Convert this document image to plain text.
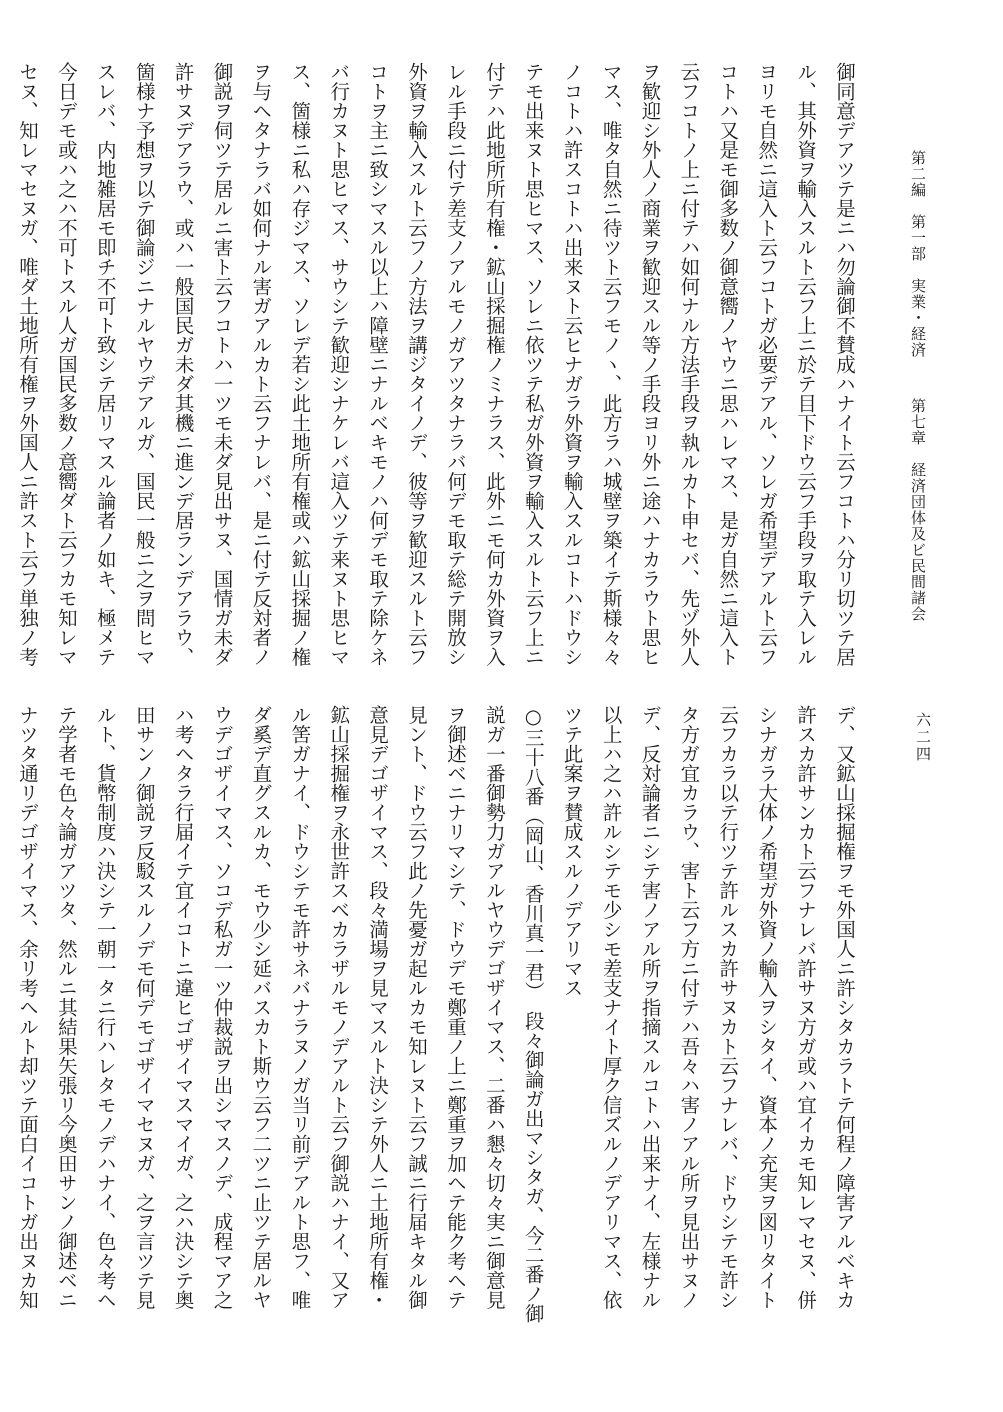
第二編　第一部　実業・経済第七章　経済団体及ビ民間諸会
六二四
御同意デアツテ是ニハ勿論御不賛成ハナイト云フコトハ分リ切ツテ居
ル、其外資ヲ輸入スルト云フ上ニ於テ目下ドウ云フ手段ヲ取テ入レル
ヨリモ自然ニ這入ト云フコトガ必要デアル、ソレガ希望デアルト云フ
コトハ又是モ御多数ノ御意嚮ノヤウニ思ハレマス、是ガ自然ニ這入ト
云フコトノ上ニ付テハ如何ナル方法手段ヲ執ルカト申セバ、先ヅ外人
ヲ歓迎シ外人ノ商業ヲ歓迎スル等ノ手段ヨリ外ニ途ハナカラウト思ヒ
マス、唯タ自然ニ待ツト云フモノヽ、此方ラハ城壁ヲ築イテ斯様々々
ノコトハ許スコトハ出来ヌト云ヒナガラ外資ヲ輸入スルコトハドウシ
テモ出来ヌト思ヒマス、ソレニ依ツテ私ガ外資ヲ輸入スルト云フ上ニ
付テハ此地所所有権・鉱山採掘権ノミナラス、此外ニモ何カ外資ヲ入
レル手段ニ付テ差支ノアルモノガアツタナラバ何デモ取テ総テ開放シ
外資ヲ輸入スルト云フノ方法ヲ講ジタイノデ、彼等ヲ歓迎スルト云フ
コトヲ主ニ致シマスル以上ハ障壁ニナルベキモノハ何デモ取テ除ケネ
バ行カヌト思ヒマス、サウシテ歓迎シナケレバ這入ツテ来ヌト思ヒマ
ス、箇様ニ私ハ存ジマス、ソレデ若シ此土地所有権或ハ鉱山採掘ノ権
ヲ与ヘタナラバ如何ナル害ガアルカト云フナレバ、是ニ付テ反対者ノ
御説ヲ伺ツテ居ルニ害ト云フコトハ一ツモ未ダ見出サヌ、国情ガ未ダ
許サヌデアラウ、或ハ一般国民ガ未ダ其機ニ進ンデ居ランデアラウ、
箇様ナ予想ヲ以テ御論ジニナルヤウデアルガ、国民一般ニ之ヲ問ヒマ
スレバ、内地雑居モ即チ不可ト致シテ居リマスル論者ノ如キ、極メテ
今日デモ或ハ之ハ不可トスル人ガ国民多数ノ意嚮ダト云フカモ知レマ
セヌ、知レマセヌガ、唯ダ土地所有権ヲ外国人ニ許スト云フ単独ノ考
デ、又鉱山採掘権ヲモ外国人ニ許シタカラトテ何程ノ障害アルベキカ
許スカ許サンカト云フナレバ許サヌ方ガ或ハ宜イカモ知レマセヌ、併
シナガラ大体ノ希望ガ外資ノ輸入ヲシタイ、資本ノ充実ヲ図リタイト
云フカラ以テ行ツテ許ルスカ許サヌカト云フナレバ、ドウシテモ許シ
タ方ガ宜カラウ、害ト云フ方ニ付テハ吾々ハ害ノアル所ヲ見出サヌノ
デ、反対論者ニシテ害ノアル所ヲ指摘スルコトハ出来ナイ、左様ナル
以上ハ之ハ許ルシテモ少シモ差支ナイト厚ク信ズルノデアリマス、依
ツテ此案ヲ賛成スルノデアリマス
○三十八番（岡山、香川真一君）　段々御論ガ出マシタガ、今二番ノ御
説ガ一番御勢力ガアルヤウデゴザイマス、二番ハ懇々切々実ニ御意見
ヲ御述ベニナリマシテ、ドウデモ鄭重ノ上ニ鄭重ヲ加ヘテ能ク考ヘテ
見ント、ドウ云フ此ノ先憂ガ起ルカモ知レヌト云フ誠ニ行届キタル御
意見デゴザイマス、段々満場ヲ見マスルト決シテ外人ニ土地所有権・
鉱山採掘権ヲ永世許スベカラザルモノデアルト云フ御説ハナイ、又ア
ル筈ガナイ、ドウシテモ許サネバナラヌノガ当リ前デアルト思フ、唯
ダ奚デ直グスルカ、モウ少シ延バスカト斯ウ云フ二ツニ止ツテ居ルヤ
ウデゴザイマス、ソコデ私ガ一ツ仲裁説ヲ出シマスノデ、成程マア之
ハ考ヘタラ行届イテ宜イコトニ違ヒゴザイマスマイガ、之ハ決シテ奥
田サンノ御説ヲ反駁スルノデモ何デモゴザイマセヌガ、之ヲ言ツテ見
ルト、貨幣制度ハ決シテ一朝一タニ行ハレタモノデハナイ、色々考ヘ
テ学者モ色々論ガアツタ、然ルニ其結果矢張リ今奥田サンノ御述ベニ
ナツタ通リデゴザイマス、余リ考ヘルト却ツテ面白イコトガ出ヌカ知
